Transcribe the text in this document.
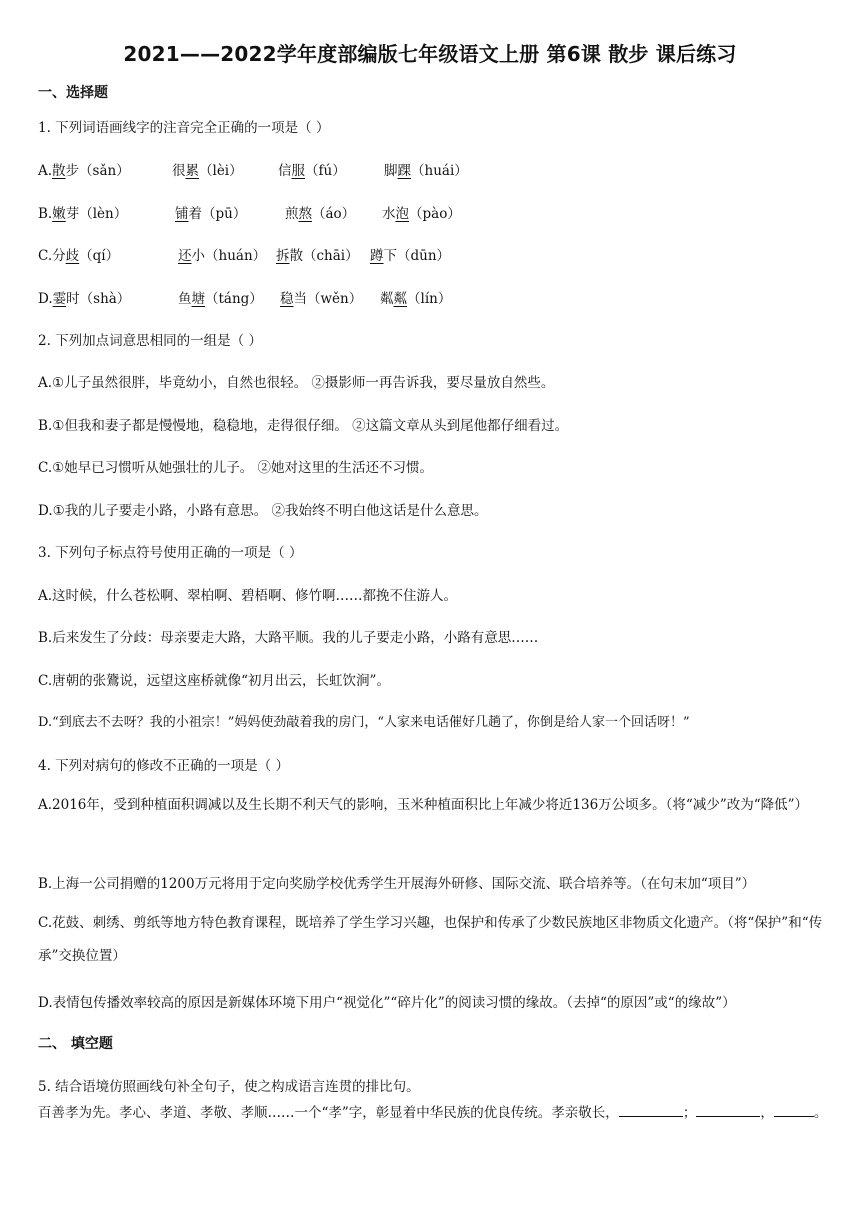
2021——2022学年度部编版七年级语文上册 第6课 散步 课后练习
一、选择题
1. 下列词语画线字的注音完全正确的一项是（ ）
A.散步（sǎn）	很累（lèi）	信服（fú）	脚踝（huái）
B.嫩芽（lèn）	铺着（pū）	煎熬（áo） 水泡（pào）
C.分歧（qí）	还小（huán） 拆散（chāi） 蹲下（dūn）
D.霎时（shà）	鱼塘（táng） 稳当（wěn） 粼粼（lín）
2. 下列加点词意思相同的一组是（ ）
A.①儿子虽然很胖，毕竟幼小，自然也很轻。 ②摄影师一再告诉我，要尽量放自然些。
B.①但我和妻子都是慢慢地，稳稳地，走得很仔细。 ②这篇文章从头到尾他都仔细看过。
C.①她早已习惯听从她强壮的儿子。 ②她对这里的生活还不习惯。
D.①我的儿子要走小路，小路有意思。 ②我始终不明白他这话是什么意思。
3. 下列句子标点符号使用正确的一项是（ ）
A.这时候，什么苍松啊、翠柏啊、碧梧啊、修竹啊……都挽不住游人。
B.后来发生了分歧：母亲要走大路，大路平顺。我的儿子要走小路，小路有意思……
C.唐朝的张鷟说，远望这座桥就像“初月出云，长虹饮涧”。
D.“到底去不去呀？我的小祖宗！”妈妈使劲敲着我的房门，“人家来电话催好几趟了，你倒是给人家一个回话呀！”
4. 下列对病句的修改不正确的一项是（ ）
A.2016年，受到种植面积调减以及生长期不利天气的影响，玉米种植面积比上年减少将近136万公顷多。（将“减少”改为“降低”）
B.上海一公司捐赠的1200万元将用于定向奖励学校优秀学生开展海外研修、国际交流、联合培养等。（在句末加“项目”）
C.花鼓、刺绣、剪纸等地方特色教育课程，既培养了学生学习兴趣，也保护和传承了少数民族地区非物质文化遗产。（将“保护”和“传承”交换位置）
D.表情包传播效率较高的原因是新媒体环境下用户“视觉化”“碎片化”的阅读习惯的缘故。（去掉“的原因”或“的缘故”）
二、 填空题
5. 结合语境仿照画线句补全句子，使之构成语言连贯的排比句。
百善孝为先。孝心、孝道、孝敬、孝顺……一个“孝”字，彰显着中华民族的优良传统。孝亲敬长，	；	，	。
